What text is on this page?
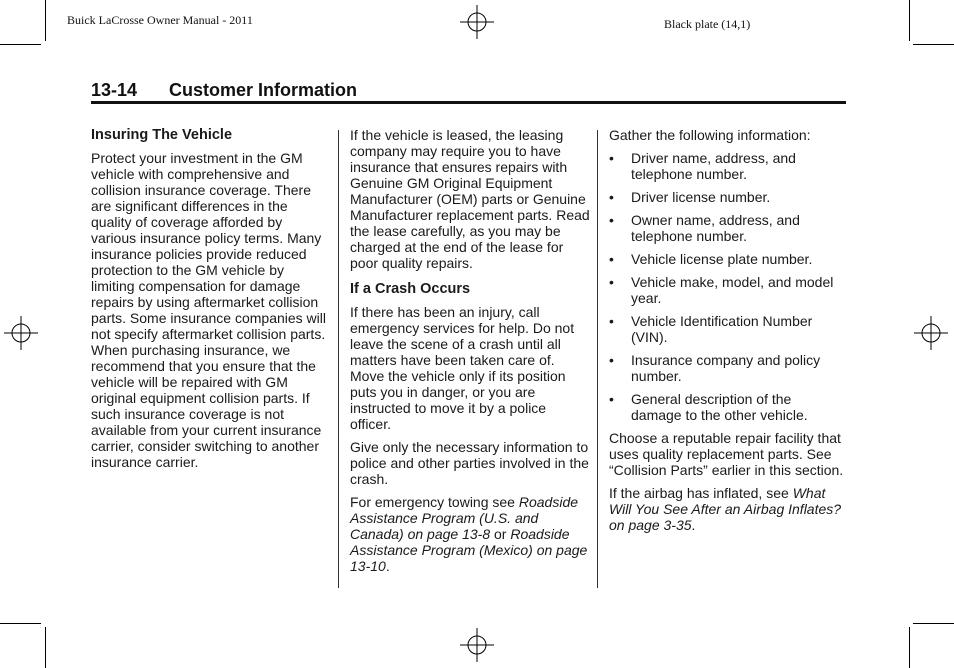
Buick LaCrosse Owner Manual - 2011	Black plate (14,1)
13-14 Customer Information
Insuring The Vehicle

Protect your investment in the GM vehicle with comprehensive and collision insurance coverage. There are significant differences in the quality of coverage afforded by various insurance policy terms. Many insurance policies provide reduced protection to the GM vehicle by limiting compensation for damage repairs by using aftermarket collision parts. Some insurance companies will not specify aftermarket collision parts. When purchasing insurance, we recommend that you ensure that the vehicle will be repaired with GM original equipment collision parts. If such insurance coverage is not available from your current insurance carrier, consider switching to another insurance carrier.

If the vehicle is leased, the leasing company may require you to have insurance that ensures repairs with Genuine GM Original Equipment Manufacturer (OEM) parts or Genuine Manufacturer replacement parts. Read the lease carefully, as you may be charged at the end of the lease for poor quality repairs.

If a Crash Occurs

If there has been an injury, call emergency services for help. Do not leave the scene of a crash until all matters have been taken care of. Move the vehicle only if its position puts you in danger, or you are instructed to move it by a police officer.

Give only the necessary information to police and other parties involved in the crash.

For emergency towing see Roadside Assistance Program (U.S. and Canada) on page 13-8 or Roadside Assistance Program (Mexico) on page 13-10.

Gather the following information:

• Driver name, address, and telephone number.
• Driver license number.
• Owner name, address, and telephone number.
• Vehicle license plate number.
• Vehicle make, model, and model year.
• Vehicle Identification Number (VIN).
• Insurance company and policy number.
• General description of the damage to the other vehicle.

Choose a reputable repair facility that uses quality replacement parts. See “Collision Parts” earlier in this section.

If the airbag has inflated, see What Will You See After an Airbag Inflates? on page 3-35.
